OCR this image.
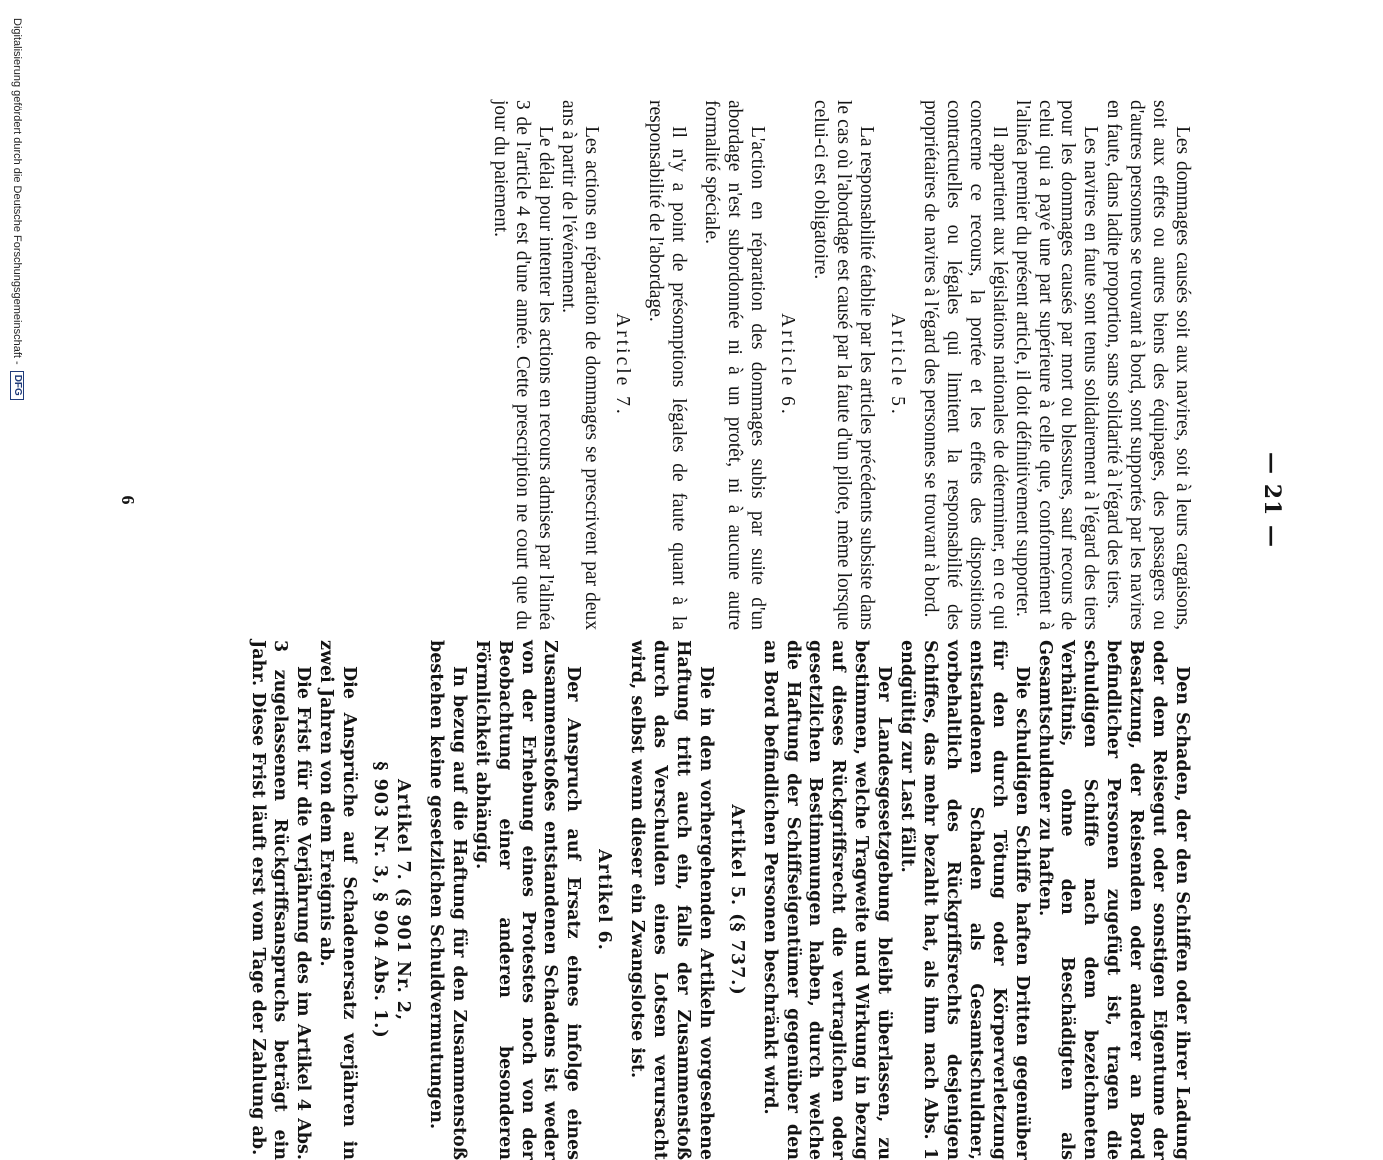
— 21 —

Les dommages causés soit aux navires, soit à leurs cargaisons, soit aux effets ou autres biens des équipages, des passagers ou d'autres personnes se trouvant à bord, sont supportés par les navires en faute, dans ladite proportion, sans solidarité à l'égard des tiers.

Les navires en faute sont tenus solidairement à l'égard des tiers pour les dommages causés par mort ou blessures, sauf recours de celui qui a payé une part supérieure à celle que, conformément à l'alinéa premier du présent article, il doit définitivement supporter.

Il appartient aux législations nationales de déterminer, en ce qui concerne ce recours, la portée et les effets des dispositions contractuelles ou légales qui limitent la responsabilité des propriétaires de navires à l'égard des personnes se trouvant à bord.

Article 5.

La responsabilité établie par les articles précédents subsiste dans le cas où l'abordage est causé par la faute d'un pilote, même lorsque celui-ci est obligatoire.

Article 6.

L'action en réparation des dommages subis par suite d'un abordage n'est subordonnée ni à un protêt, ni à aucune autre formalité spéciale.

Il n'y a point de présomptions légales de faute quant à la responsabilité de l'abordage.

Article 7.

Les actions en réparation de dommages se prescrivent par deux ans à partir de l'événement.

Le délai pour intenter les actions en recours admises par l'alinéa 3 de l'article 4 est d'une année. Cette prescription ne court que du jour du paiement.

Den Schaden, der den Schiffen oder ihrer Ladung oder dem Reisegut oder sonstigen Eigentume der Besatzung, der Reisenden oder anderer an Bord befindlicher Personen zugefügt ist, tragen die schuldigen Schiffe nach dem bezeichneten Verhältnis, ohne den Beschädigten als Gesamtschuldner zu haften.

Die schuldigen Schiffe haften Dritten gegenüber für den durch Tötung oder Körperverletzung entstandenen Schaden als Gesamtschuldner, vorbehaltlich des Rückgriffsrechts desjenigen Schiffes, das mehr bezahlt hat, als ihm nach Abs. 1 endgültig zur Last fällt.

Der Landesgesetzgebung bleibt überlassen, zu bestimmen, welche Tragweite und Wirkung in bezug auf dieses Rückgriffsrecht die vertraglichen oder gesetzlichen Bestimmungen haben, durch welche die Haftung der Schiffseigentümer gegenüber den an Bord befindlichen Personen beschränkt wird.

Artikel 5. (§ 737.)

Die in den vorhergehenden Artikeln vorgesehene Haftung tritt auch ein, falls der Zusammenstoß durch das Verschulden eines Lotsen verursacht wird, selbst wenn dieser ein Zwangslotse ist.

Artikel 6.

Der Anspruch auf Ersatz eines infolge eines Zusammenstoßes entstandenen Schadens ist weder von der Erhebung eines Protestes noch von der Beobachtung einer anderen besonderen Förmlichkeit abhängig.

In bezug auf die Haftung für den Zusammenstoß bestehen keine gesetzlichen Schuldvermutungen.

Artikel 7. (§ 901 Nr. 2,

§ 903 Nr. 3, § 904 Abs. 1.)

Die Ansprüche auf Schadenersatz verjähren in zwei Jahren von dem Ereignis ab.

Die Frist für die Verjährung des im Artikel 4 Abs. 3 zugelassenen Rückgriffsanspruchs beträgt ein Jahr. Diese Frist läuft erst vom Tage der Zahlung ab.

6
Digitalisierung gefördert durch die Deutsche Forschungsgemeinschaft -
DFG
